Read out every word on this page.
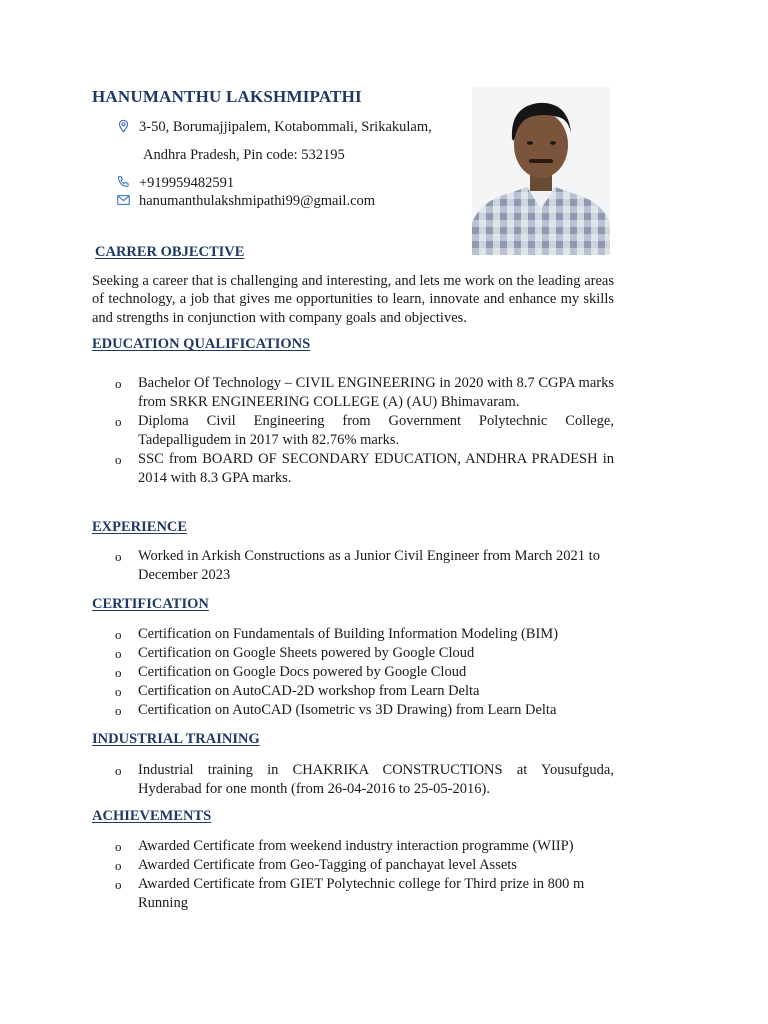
HANUMANTHU LAKSHMIPATHI
3-50, Borumajjipalem, Kotabommali, Srikakulam,
Andhra Pradesh, Pin code: 532195
+919959482591
hanumanthulakshmipathi99@gmail.com
CARRER OBJECTIVE

Seeking a career that is challenging and interesting, and lets me work on the leading areas of technology, a job that gives me opportunities to learn, innovate and enhance my skills and strengths in conjunction with company goals and objectives.

EDUCATION QUALIFICATIONS
o Bachelor Of Technology – CIVIL ENGINEERING in 2020 with 8.7 CGPA marks from SRKR ENGINEERING COLLEGE (A) (AU) Bhimavaram.
o Diploma Civil Engineering from Government Polytechnic College, Tadepalligudem in 2017 with 82.76% marks.
o SSC from BOARD OF SECONDARY EDUCATION, ANDHRA PRADESH in 2014 with 8.3 GPA marks.
EXPERIENCE
o Worked in Arkish Constructions as a Junior Civil Engineer from March 2021 to December 2023
CERTIFICATION
o Certification on Fundamentals of Building Information Modeling (BIM)
o Certification on Google Sheets powered by Google Cloud
o Certification on Google Docs powered by Google Cloud
o Certification on AutoCAD-2D workshop from Learn Delta
o Certification on AutoCAD (Isometric vs 3D Drawing) from Learn Delta
INDUSTRIAL TRAINING
o Industrial training in CHAKRIKA CONSTRUCTIONS at Yousufguda, Hyderabad for one month (from 26-04-2016 to 25-05-2016).
ACHIEVEMENTS
o Awarded Certificate from weekend industry interaction programme (WIIP)
o Awarded Certificate from Geo-Tagging of panchayat level Assets
o Awarded Certificate from GIET Polytechnic college for Third prize in 800 m Running
